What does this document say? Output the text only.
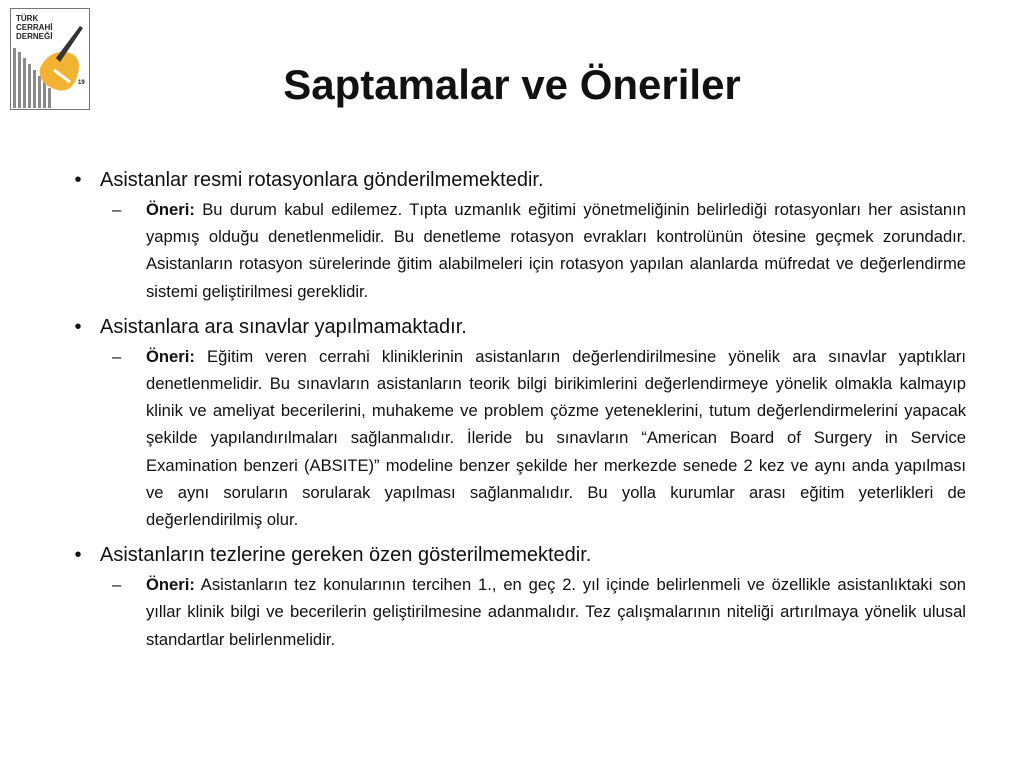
TÜRK
CERRAHİ
DERNEĞİ
19	Saptamalar ve Öneriler
• Asistanlar resmi rotasyonlara gönderilmemektedir.
–	Öneri: Bu durum kabul edilemez. Tıpta uzmanlık eğitimi yönetmeliğinin belirlediği rotasyonları her asistanın yapmış olduğu denetlenmelidir. Bu denetleme rotasyon evrakları kontrolünün ötesine geçmek zorundadır. Asistanların rotasyon sürelerinde ğitim alabilmeleri için rotasyon yapılan alanlarda müfredat ve değerlendirme sistemi geliştirilmesi gereklidir.
• Asistanlara ara sınavlar yapılmamaktadır.
–	Öneri: Eğitim veren cerrahi kliniklerinin asistanların değerlendirilmesine yönelik ara sınavlar yaptıkları denetlenmelidir. Bu sınavların asistanların teorik bilgi birikimlerini değerlendirmeye yönelik olmakla kalmayıp klinik ve ameliyat becerilerini, muhakeme ve problem çözme yeteneklerini, tutum değerlendirmelerini yapacak şekilde yapılandırılmaları sağlanmalıdır. İleride bu sınavların “American Board of Surgery in Service Examination benzeri (ABSITE)” modeline benzer şekilde her merkezde senede 2 kez ve aynı anda yapılması ve aynı soruların sorularak yapılması sağlanmalıdır. Bu yolla kurumlar arası eğitim yeterlikleri de değerlendirilmiş olur.
• Asistanların tezlerine gereken özen gösterilmemektedir.
–	Öneri: Asistanların tez konularının tercihen 1., en geç 2. yıl içinde belirlenmeli ve özellikle asistanlıktaki son yıllar klinik bilgi ve becerilerin geliştirilmesine adanmalıdır. Tez çalışmalarının niteliği artırılmaya yönelik ulusal standartlar belirlenmelidir.
